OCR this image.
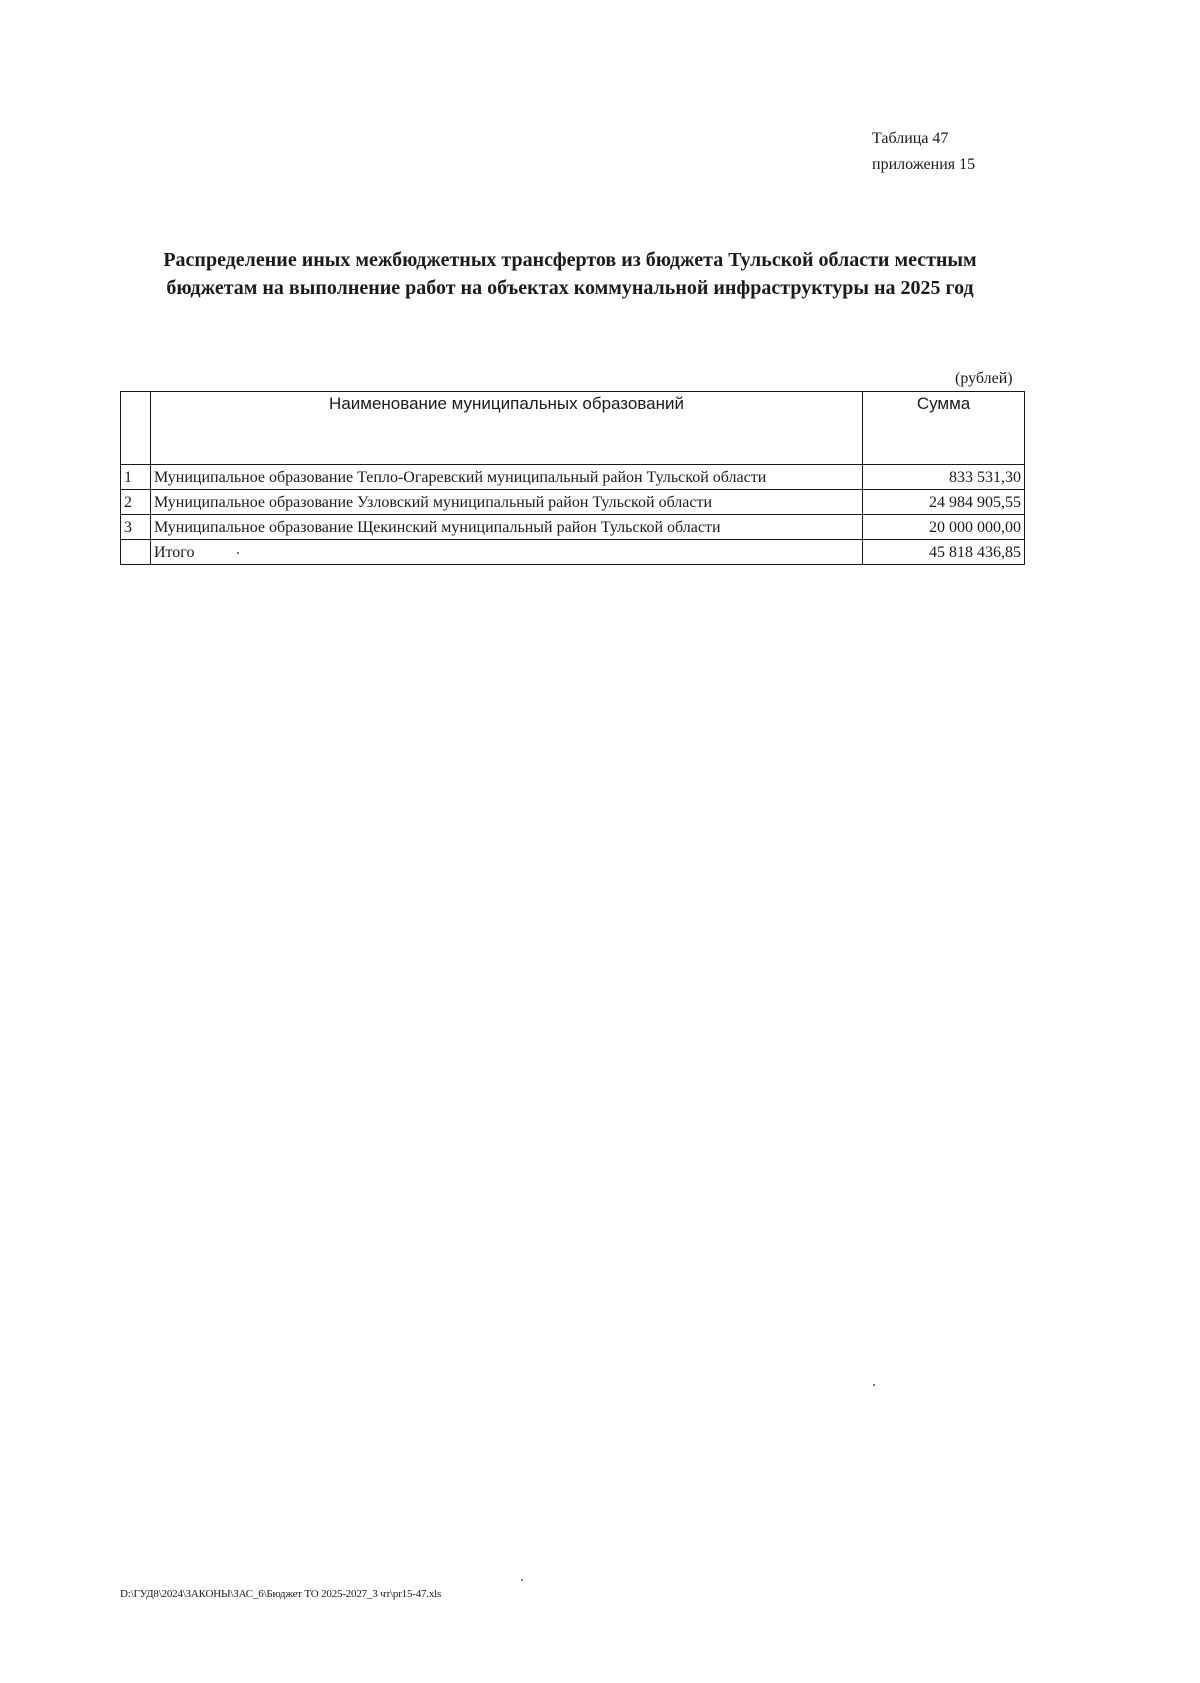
Таблица 47
приложения 15
Распределение иных межбюджетных трансфертов из бюджета Тульской области местным
бюджетам на выполнение работ на объектах коммунальной инфраструктуры на 2025 год
(рублей)
	Наименование муниципальных образований	Сумма
1	Муниципальное образование Тепло-Огаревский муниципальный район Тульской области	833 531,30
2	Муниципальное образование Узловский муниципальный район Тульской области	24 984 905,55
3	Муниципальное образование Щекинский муниципальный район Тульской области	20 000 000,00
	Итого	45 818 436,85
D:\ГУД8\2024\ЗАКОНЫ\ЗАС_6\Бюджет ТО 2025-2027_3 чт\pr15-47.xls
